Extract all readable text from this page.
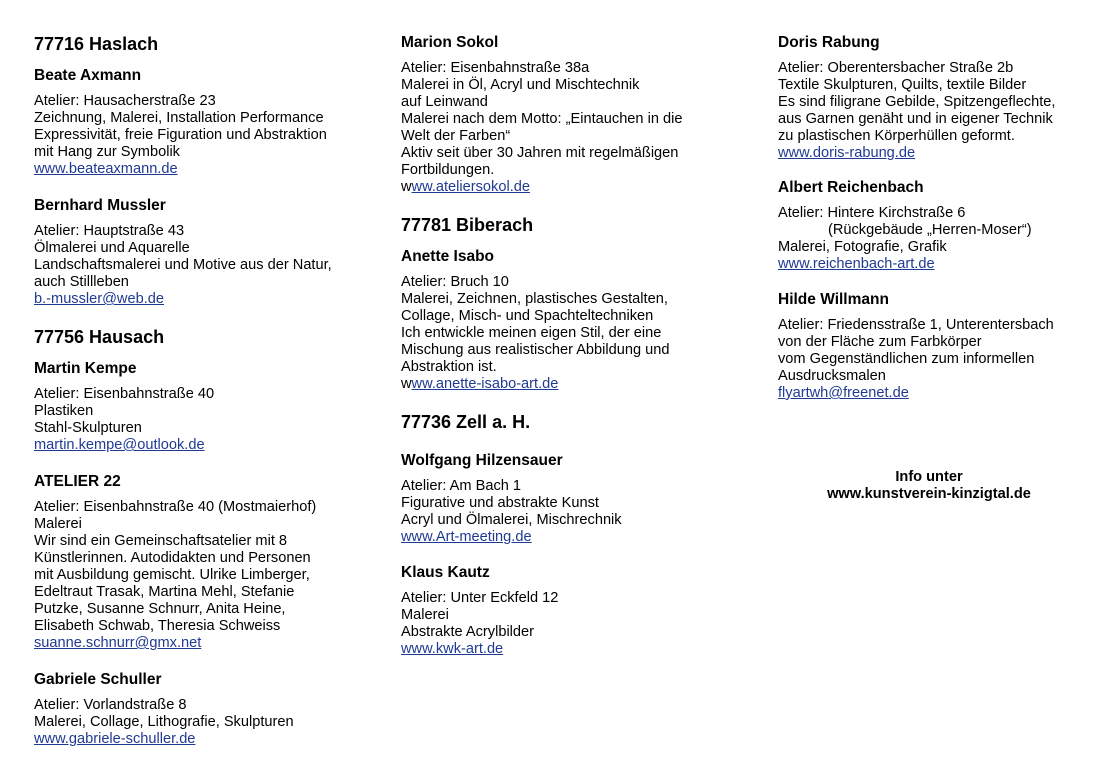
77716 Haslach
Beate Axmann
Atelier: Hausacherstraße 23
Zeichnung, Malerei, Installation Performance
Expressivität, freie Figuration und Abstraktion
mit Hang zur Symbolik
www.beateaxmann.de
Bernhard Mussler
Atelier: Hauptstraße 43
Ölmalerei und Aquarelle
Landschaftsmalerei und Motive aus der Natur,
auch Stillleben
b.-mussler@web.de
77756 Hausach
Martin Kempe
Atelier: Eisenbahnstraße 40
Plastiken
Stahl-Skulpturen
martin.kempe@outlook.de
ATELIER 22
Atelier: Eisenbahnstraße 40 (Mostmaierhof)
Malerei
Wir sind ein Gemeinschaftsatelier mit 8
Künstlerinnen. Autodidakten und Personen
mit Ausbildung gemischt. Ulrike Limberger,
Edeltraut Trasak, Martina Mehl, Stefanie
Putzke, Susanne Schnurr, Anita Heine,
Elisabeth Schwab, Theresia Schweiss
suanne.schnurr@gmx.net
Gabriele Schuller
Atelier: Vorlandstraße 8
Malerei, Collage, Lithografie, Skulpturen
www.gabriele-schuller.de
Marion Sokol
Atelier: Eisenbahnstraße 38a
Malerei in Öl, Acryl und Mischtechnik
auf Leinwand
Malerei nach dem Motto: „Eintauchen in die
Welt der Farben“
Aktiv seit über 30 Jahren mit regelmäßigen
Fortbildungen.
www.ateliersokol.de
77781 Biberach
Anette Isabo
Atelier: Bruch 10
Malerei, Zeichnen, plastisches Gestalten,
Collage, Misch- und Spachteltechniken
Ich entwickle meinen eigen Stil, der eine
Mischung aus realistischer Abbildung und
Abstraktion ist.
www.anette-isabo-art.de
77736 Zell a. H.
Wolfgang Hilzensauer
Atelier: Am Bach 1
Figurative und abstrakte Kunst
Acryl und Ölmalerei, Mischrechnik
www.Art-meeting.de
Klaus Kautz
Atelier: Unter Eckfeld 12
Malerei
Abstrakte Acrylbilder
www.kwk-art.de
Doris Rabung
Atelier: Oberentersbacher Straße 2b
Textile Skulpturen, Quilts, textile Bilder
Es sind filigrane Gebilde, Spitzengeflechte,
aus Garnen genäht und in eigener Technik
zu plastischen Körperhüllen geformt.
www.doris-rabung.de
Albert Reichenbach
Atelier: Hintere Kirchstraße 6
(Rückgebäude „Herren-Moser“)
Malerei, Fotografie, Grafik
www.reichenbach-art.de
Hilde Willmann
Atelier: Friedensstraße 1, Unterentersbach
von der Fläche zum Farbkörper
vom Gegenständlichen zum informellen
Ausdrucksmalen
flyartwh@freenet.de
Info unter
www.kunstverein-kinzigtal.de
